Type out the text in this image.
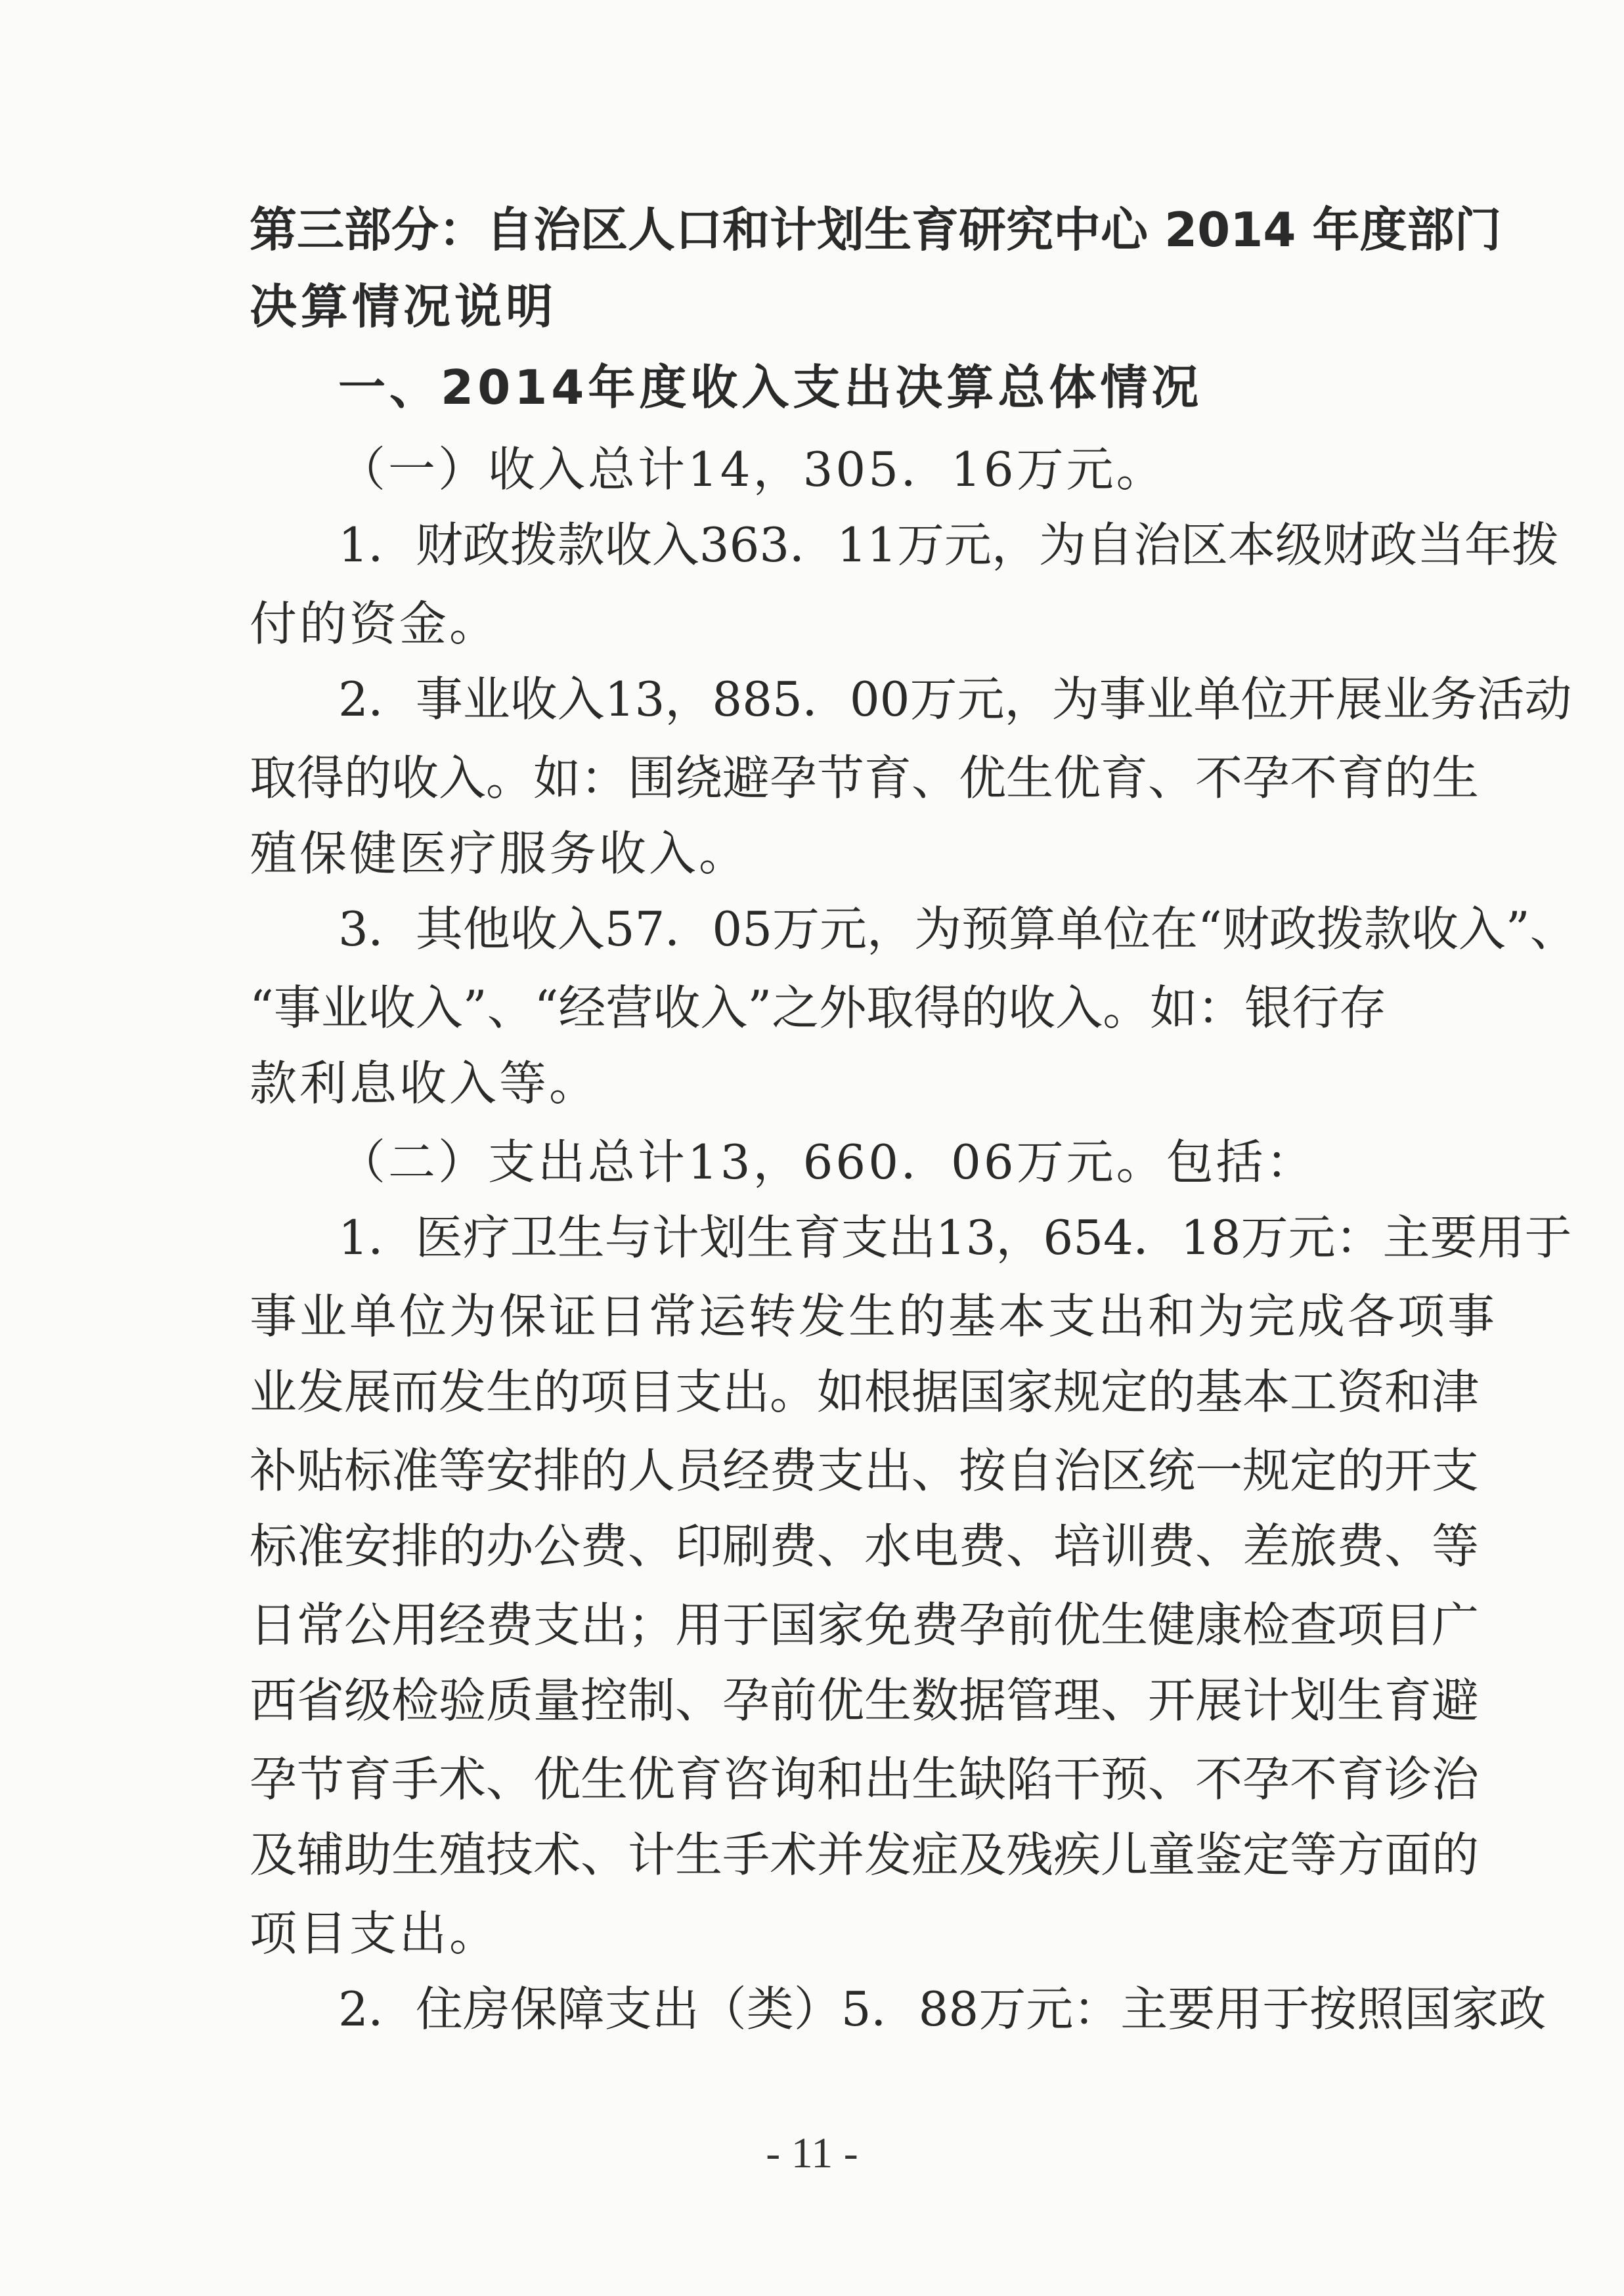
第三部分：自治区人口和计划生育研究中心 2014 年度部门
决算情况说明
一、2014年度收入支出决算总体情况
（一）收入总计14，305．16万元。
1．财政拨款收入363．11万元，为自治区本级财政当年拨
付的资金。
2．事业收入13，885．00万元，为事业单位开展业务活动
取得的收入。如：围绕避孕节育、优生优育、不孕不育的生
殖保健医疗服务收入。
3．其他收入57．05万元，为预算单位在“财政拨款收入”、
“事业收入”、“经营收入”之外取得的收入。如：银行存
款利息收入等。
（二）支出总计13，660．06万元。包括：
1．医疗卫生与计划生育支出13，654．18万元：主要用于
事业单位为保证日常运转发生的基本支出和为完成各项事
业发展而发生的项目支出。如根据国家规定的基本工资和津
补贴标准等安排的人员经费支出、按自治区统一规定的开支
标准安排的办公费、印刷费、水电费、培训费、差旅费、等
日常公用经费支出；用于国家免费孕前优生健康检查项目广
西省级检验质量控制、孕前优生数据管理、开展计划生育避
孕节育手术、优生优育咨询和出生缺陷干预、不孕不育诊治
及辅助生殖技术、计生手术并发症及残疾儿童鉴定等方面的
项目支出。
2．住房保障支出（类）5．88万元：主要用于按照国家政
- 11 -
